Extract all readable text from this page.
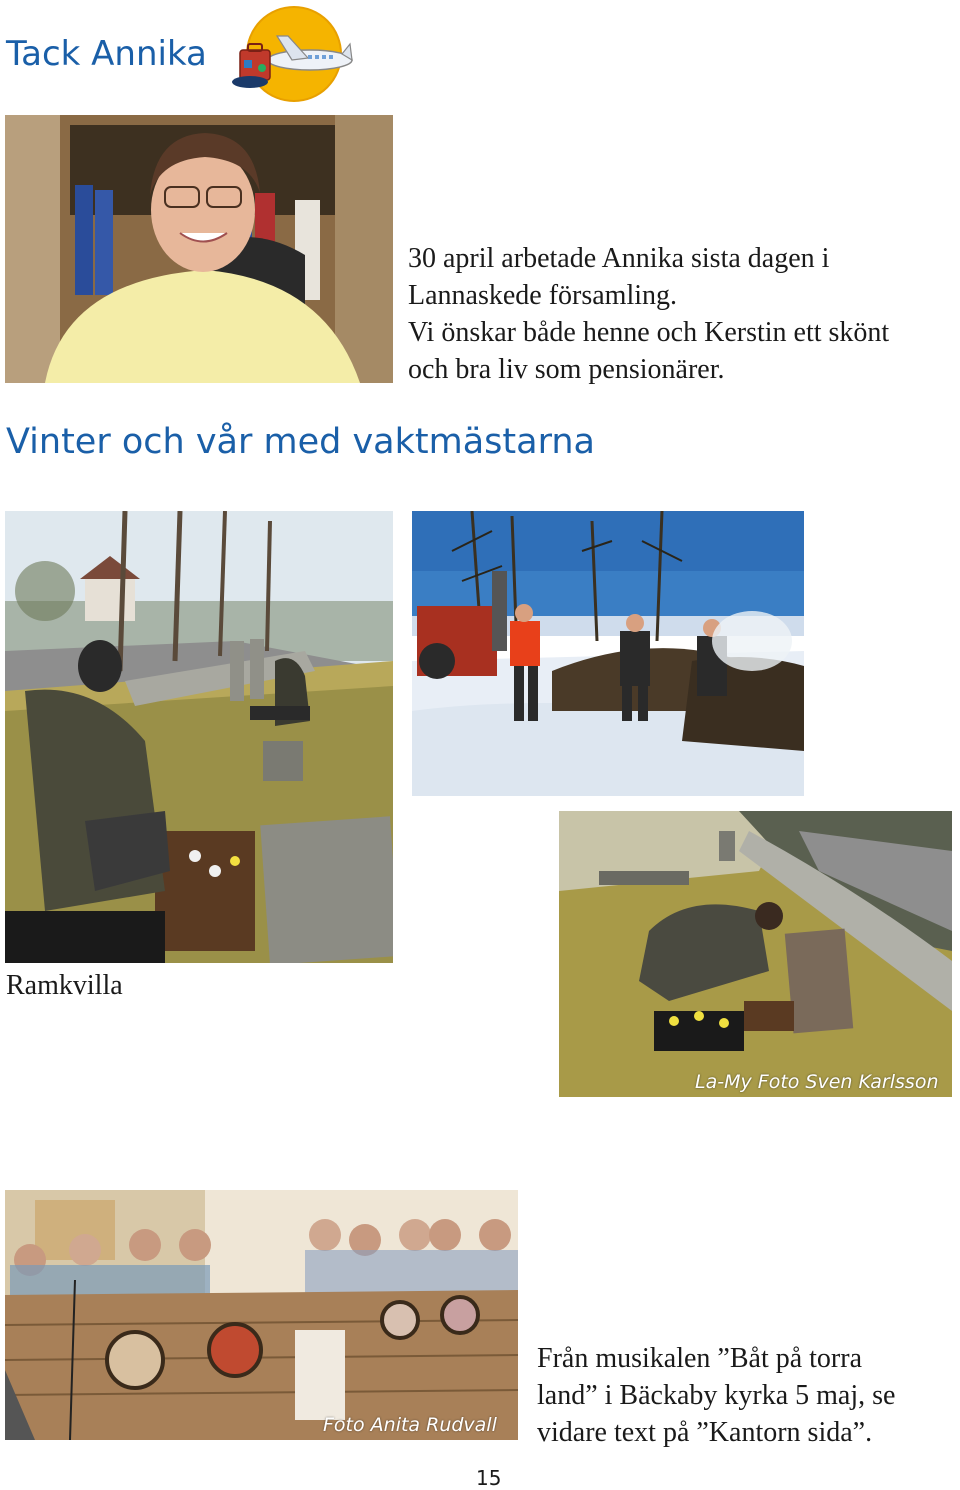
Tack Annika
30 april arbetade Annika sista dagen i
Lannaskede församling.
Vi önskar både henne och Kerstin ett skönt
och bra liv som pensionärer.
Vinter och vår med vaktmästarna
Ramkvilla
La-My Foto Sven Karlsson
Foto Anita Rudvall
Från musikalen ”Båt på torra
land” i Bäckaby kyrka 5 maj, se
vidare text på ”Kantorn sida”.
15
